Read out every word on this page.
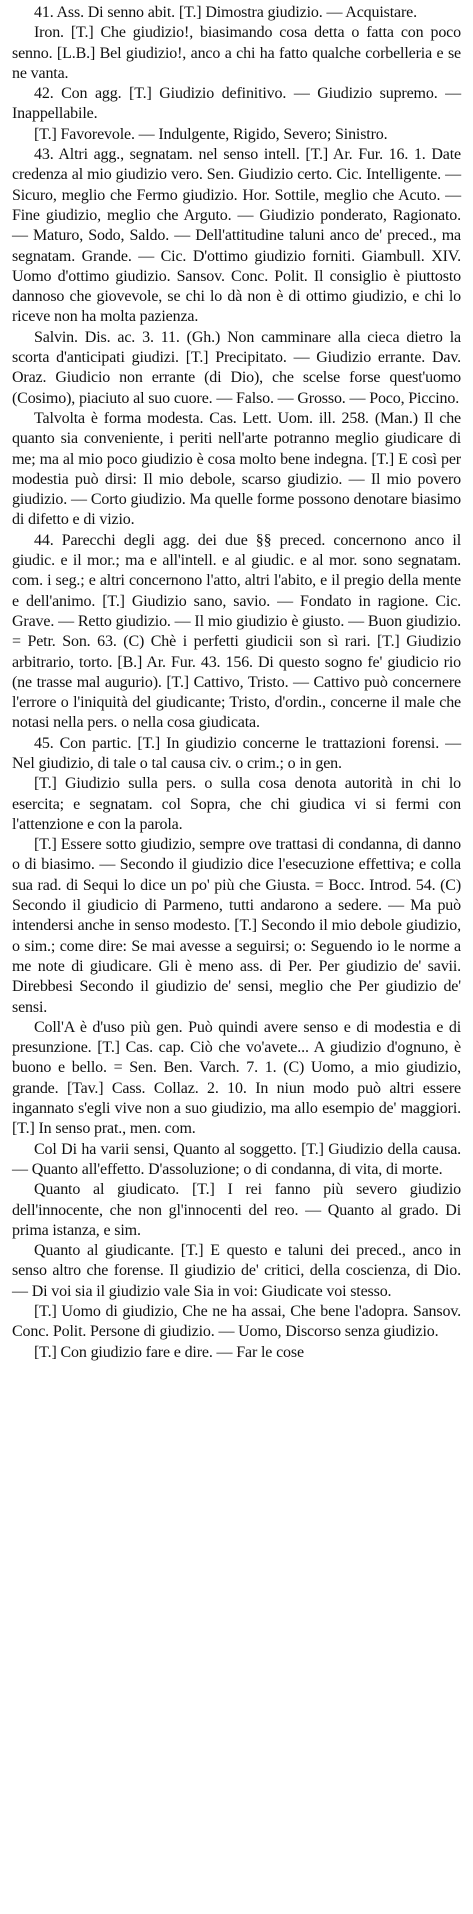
41. Ass. Di senno abit. [T.] Dimostra giudizio. — Acquistare.

Iron. [T.] Che giudizio!, biasimando cosa detta o fatta con poco senno. [L.B.] Bel giudizio!, anco a chi ha fatto qualche corbelleria e se ne vanta.

42. Con agg. [T.] Giudizio definitivo. — Giudizio supremo. — Inappellabile.

[T.] Favorevole. — Indulgente, Rigido, Severo; Sinistro.

43. Altri agg., segnatam. nel senso intell. [T.] Ar. Fur. 16. 1. Date credenza al mio giudizio vero. Sen. Giudizio certo. Cic. Intelligente. — Sicuro, meglio che Fermo giudizio. Hor. Sottile, meglio che Acuto. — Fine giudizio, meglio che Arguto. — Giudizio ponderato, Ragionato. — Maturo, Sodo, Saldo. — Dell'attitudine taluni anco de' preced., ma segnatam. Grande. — Cic. D'ottimo giudizio forniti. Giambull. XIV. Uomo d'ottimo giudizio. Sansov. Conc. Polit. Il consiglio è piuttosto dannoso che giovevole, se chi lo dà non è di ottimo giudizio, e chi lo riceve non ha molta pazienza.

Salvin. Dis. ac. 3. 11. (Gh.) Non camminare alla cieca dietro la scorta d'anticipati giudizi. [T.] Precipitato. — Giudizio errante. Dav. Oraz. Giudicio non errante (di Dio), che scelse forse quest'uomo (Cosimo), piaciuto al suo cuore. — Falso. — Grosso. — Poco, Piccino.

Talvolta è forma modesta. Cas. Lett. Uom. ill. 258. (Man.) Il che quanto sia conveniente, i periti nell'arte potranno meglio giudicare di me; ma al mio poco giudizio è cosa molto bene indegna. [T.] E così per modestia può dirsi: Il mio debole, scarso giudizio. — Il mio povero giudizio. — Corto giudizio. Ma quelle forme possono denotare biasimo di difetto e di vizio.

44. Parecchi degli agg. dei due §§ preced. concernono anco il giudic. e il mor.; ma e all'intell. e al giudic. e al mor. sono segnatam. com. i seg.; e altri concernono l'atto, altri l'abito, e il pregio della mente e dell'animo. [T.] Giudizio sano, savio. — Fondato in ragione. Cic. Grave. — Retto giudizio. — Il mio giudizio è giusto. — Buon giudizio. = Petr. Son. 63. (C) Chè i perfetti giudicii son sì rari. [T.] Giudizio arbitrario, torto. [B.] Ar. Fur. 43. 156. Di questo sogno fe' giudicio rio (ne trasse mal augurio). [T.] Cattivo, Tristo. — Cattivo può concernere l'errore o l'iniquità del giudicante; Tristo, d'ordin., concerne il male che notasi nella pers. o nella cosa giudicata.

45. Con partic. [T.] In giudizio concerne le trattazioni forensi. — Nel giudizio, di tale o tal causa civ. o crim.; o in gen.

[T.] Giudizio sulla pers. o sulla cosa denota autorità in chi lo esercita; e segnatam. col Sopra, che chi giudica vi si fermi con l'attenzione e con la parola.

[T.] Essere sotto giudizio, sempre ove trattasi di condanna, di danno o di biasimo. — Secondo il giudizio dice l'esecuzione effettiva; e colla sua rad. di Sequi lo dice un po' più che Giusta. = Bocc. Introd. 54. (C) Secondo il giudicio di Parmeno, tutti andarono a sedere. — Ma può intendersi anche in senso modesto. [T.] Secondo il mio debole giudizio, o sim.; come dire: Se mai avesse a seguirsi; o: Seguendo io le norme a me note di giudicare. Gli è meno ass. di Per. Per giudizio de' savii. Direbbesi Secondo il giudizio de' sensi, meglio che Per giudizio de' sensi.

Coll'A è d'uso più gen. Può quindi avere senso e di modestia e di presunzione. [T.] Cas. cap. Ciò che vo'avete... A giudizio d'ognuno, è buono e bello. = Sen. Ben. Varch. 7. 1. (C) Uomo, a mio giudizio, grande. [Tav.] Cass. Collaz. 2. 10. In niun modo può altri essere ingannato s'egli vive non a suo giudizio, ma allo esempio de' maggiori. [T.] In senso prat., men. com.

Col Di ha varii sensi, Quanto al soggetto. [T.] Giudizio della causa. — Quanto all'effetto. D'assoluzione; o di condanna, di vita, di morte.

Quanto al giudicato. [T.] I rei fanno più severo giudizio dell'innocente, che non gl'innocenti del reo. — Quanto al grado. Di prima istanza, e sim.

Quanto al giudicante. [T.] E questo e taluni dei preced., anco in senso altro che forense. Il giudizio de' critici, della coscienza, di Dio. — Di voi sia il giudizio vale Sia in voi: Giudicate voi stesso.

[T.] Uomo di giudizio, Che ne ha assai, Che bene l'adopra. Sansov. Conc. Polit. Persone di giudizio. — Uomo, Discorso senza giudizio.

[T.] Con giudizio fare e dire. — Far le cose
